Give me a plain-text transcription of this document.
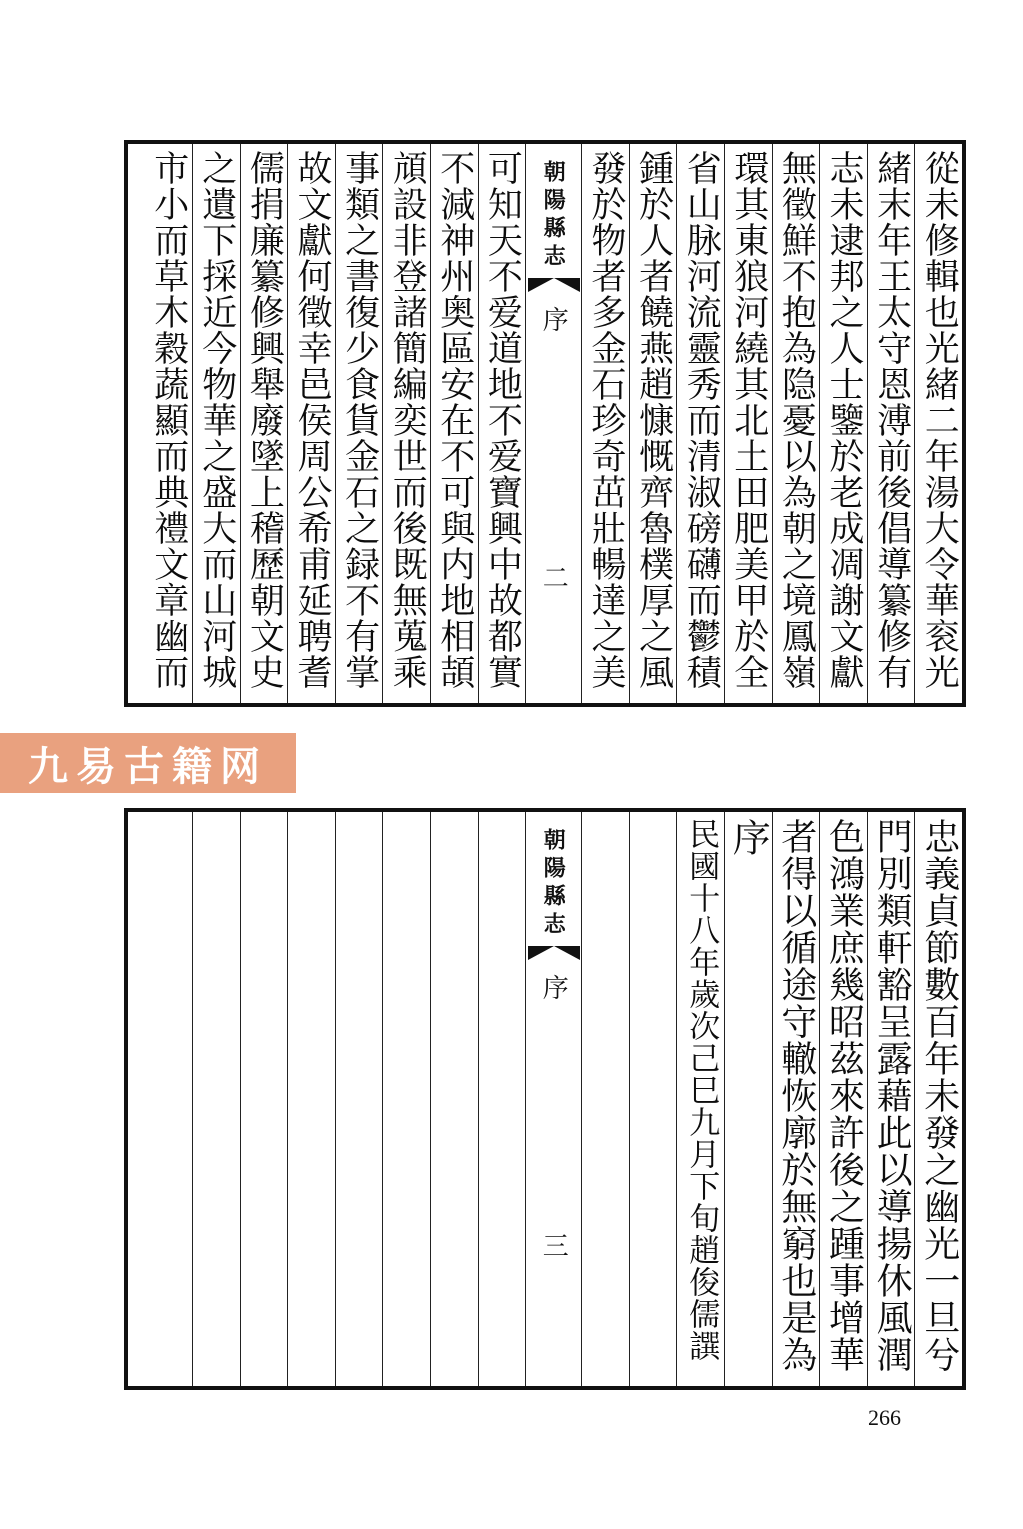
從未修輯也光緒二年湯大令華衮光
緒末年王太守恩溥前後倡導纂修有
志未逮邦之人士鑒於老成凋謝文獻
無徵鮮不抱為隐憂以為朝之境鳳嶺
環其東狼河繞其北土田肥美甲於全
省山脉河流靈秀而清淑磅礴而鬱積
鍾於人者饒燕趙慷慨齊魯樸厚之風
發於物者多金石珍奇茁壯暢達之美
朝陽縣志
序
二
可知天不爱道地不爱寶興中故都實
不減神州奥區安在不可與内地相頡
頏設非登諸簡編奕世而後既無蒐乘
事類之書復少食貨金石之録不有掌
故文獻何徵幸邑侯周公希甫延聘耆
儒捐廉纂修興舉廢墜上稽歷朝文史
之遺下採近今物華之盛大而山河城
市小而草木穀蔬顯而典禮文章幽而
九易古籍网
忠義貞節數百年未發之幽光一旦兮
門別類軒豁呈露藉此以導揚休風潤
色鴻業庶幾昭茲來許後之踵事增華
者得以循途守轍恢廓於無窮也是為
序
民國十八年歲次己巳九月下旬趙俊儒譔
朝陽縣志
序
三
266
